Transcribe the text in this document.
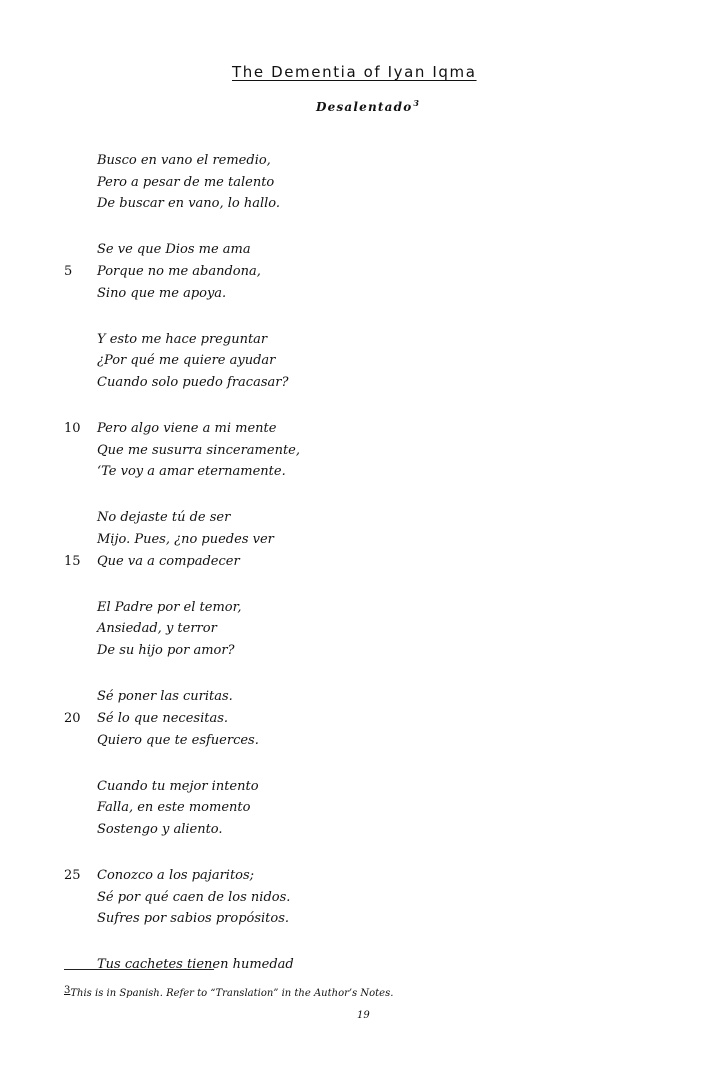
The Dementia of Iyan Iqma
Desalentado$^3$
Busco en vano el remedio,
Pero a pesar de me talento
De buscar en vano, lo hallo.
Se ve que Dios me ama
5 Porque no me abandona,
Sino que me apoya.
Y esto me hace preguntar
¿Por qué me quiere ayudar
Cuando solo puedo fracasar?
10 Pero algo viene a mi mente
Que me susurra sinceramente,
‘Te voy a amar eternamente.
No dejaste tú de ser
Mijo. Pues, ¿no puedes ver
15 Que va a compadecer
El Padre por el temor,
Ansiedad, y terror
De su hijo por amor?
Sé poner las curitas.
20 Sé lo que necesitas.
Quiero que te esfuerces.
Cuando tu mejor intento
Falla, en este momento
Sostengo y aliento.
25 Conozco a los pajaritos;
Sé por qué caen de los nidos.
Sufres por sabios propósitos.
Tus cachetes tienen humedad
3This is in Spanish. Refer to “Translation” in the Author’s Notes.
19
